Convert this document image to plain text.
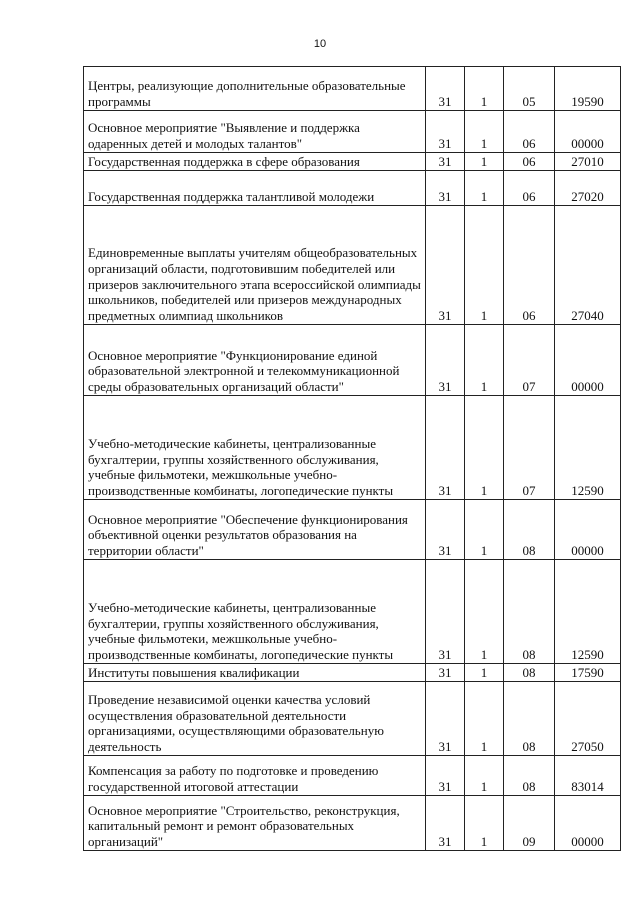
10
Центры, реализующие дополнительные образовательные программы	31	1	05	19590
Основное мероприятие "Выявление и поддержка одаренных детей и молодых талантов"	31	1	06	00000
Государственная поддержка в сфере образования	31	1	06	27010
Государственная поддержка талантливой молодежи	31	1	06	27020
Единовременные выплаты учителям общеобразовательных организаций области, подготовившим победителей или призеров заключительного этапа всероссийской олимпиады школьников, победителей или призеров международных предметных олимпиад школьников	31	1	06	27040
Основное мероприятие "Функционирование единой образовательной электронной и телекоммуникационной среды образовательных организаций области"	31	1	07	00000
Учебно-методические кабинеты, централизованные бухгалтерии, группы хозяйственного обслуживания, учебные фильмотеки, межшкольные учебно-производственные комбинаты, логопедические пункты	31	1	07	12590
Основное мероприятие "Обеспечение функционирования объективной оценки результатов образования на территории области"	31	1	08	00000
Учебно-методические кабинеты, централизованные бухгалтерии, группы хозяйственного обслуживания, учебные фильмотеки, межшкольные учебно-производственные комбинаты, логопедические пункты	31	1	08	12590
Институты повышения квалификации	31	1	08	17590
Проведение независимой оценки качества условий осуществления образовательной деятельности организациями, осуществляющими образовательную деятельность	31	1	08	27050
Компенсация за работу по подготовке и проведению государственной итоговой аттестации	31	1	08	83014
Основное мероприятие "Строительство, реконструкция, капитальный ремонт и ремонт образовательных организаций"	31	1	09	00000
